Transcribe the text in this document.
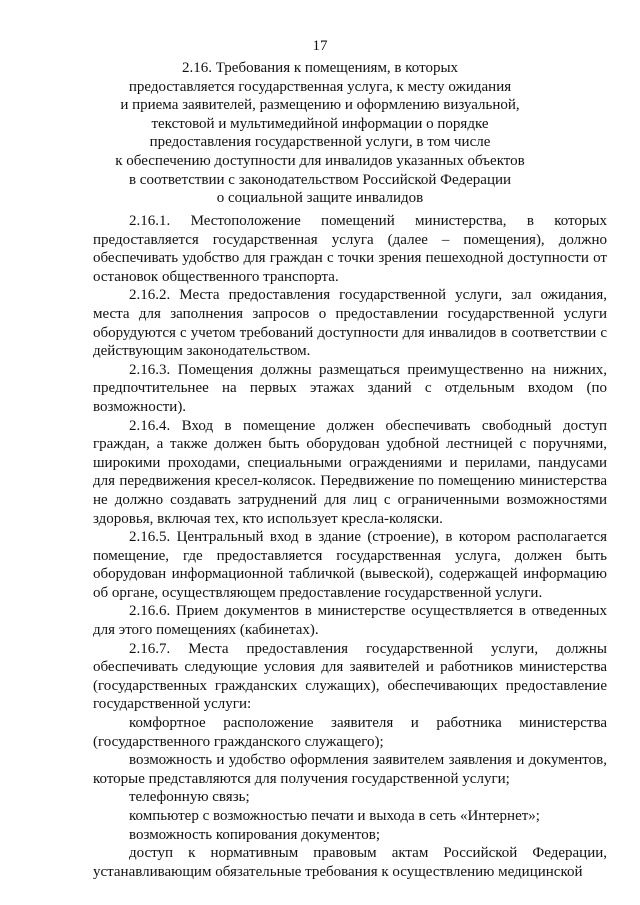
17
2.16. Требования к помещениям, в которых
предоставляется государственная услуга, к месту ожидания
и приема заявителей, размещению и оформлению визуальной,
текстовой и мультимедийной информации о порядке
предоставления государственной услуги, в том числе
к обеспечению доступности для инвалидов указанных объектов
в соответствии с законодательством Российской Федерации
о социальной защите инвалидов

2.16.1. Местоположение помещений министерства, в которых предоставляется государственная услуга (далее – помещения), должно обеспечивать удобство для граждан с точки зрения пешеходной доступности от остановок общественного транспорта.

2.16.2. Места предоставления государственной услуги, зал ожидания, места для заполнения запросов о предоставлении государственной услуги оборудуются с учетом требований доступности для инвалидов в соответствии с действующим законодательством.

2.16.3. Помещения должны размещаться преимущественно на нижних, предпочтительнее на первых этажах зданий с отдельным входом (по возможности).

2.16.4. Вход в помещение должен обеспечивать свободный доступ граждан, а также должен быть оборудован удобной лестницей с поручнями, широкими проходами, специальными ограждениями и перилами, пандусами для передвижения кресел-колясок. Передвижение по помещению министерства не должно создавать затруднений для лиц с ограниченными возможностями здоровья, включая тех, кто использует кресла-коляски.

2.16.5. Центральный вход в здание (строение), в котором располагается помещение, где предоставляется государственная услуга, должен быть оборудован информационной табличкой (вывеской), содержащей информацию об органе, осуществляющем предоставление государственной услуги.

2.16.6. Прием документов в министерстве осуществляется в отведенных для этого помещениях (кабинетах).

2.16.7. Места предоставления государственной услуги, должны обеспечивать следующие условия для заявителей и работников министерства (государственных гражданских служащих), обеспечивающих предоставление государственной услуги:

комфортное расположение заявителя и работника министерства (государственного гражданского служащего);

возможность и удобство оформления заявителем заявления и документов, которые представляются для получения государственной услуги;

телефонную связь;

компьютер с возможностью печати и выхода в сеть «Интернет»;

возможность копирования документов;

доступ к нормативным правовым актам Российской Федерации, устанавливающим обязательные требования к осуществлению медицинской
